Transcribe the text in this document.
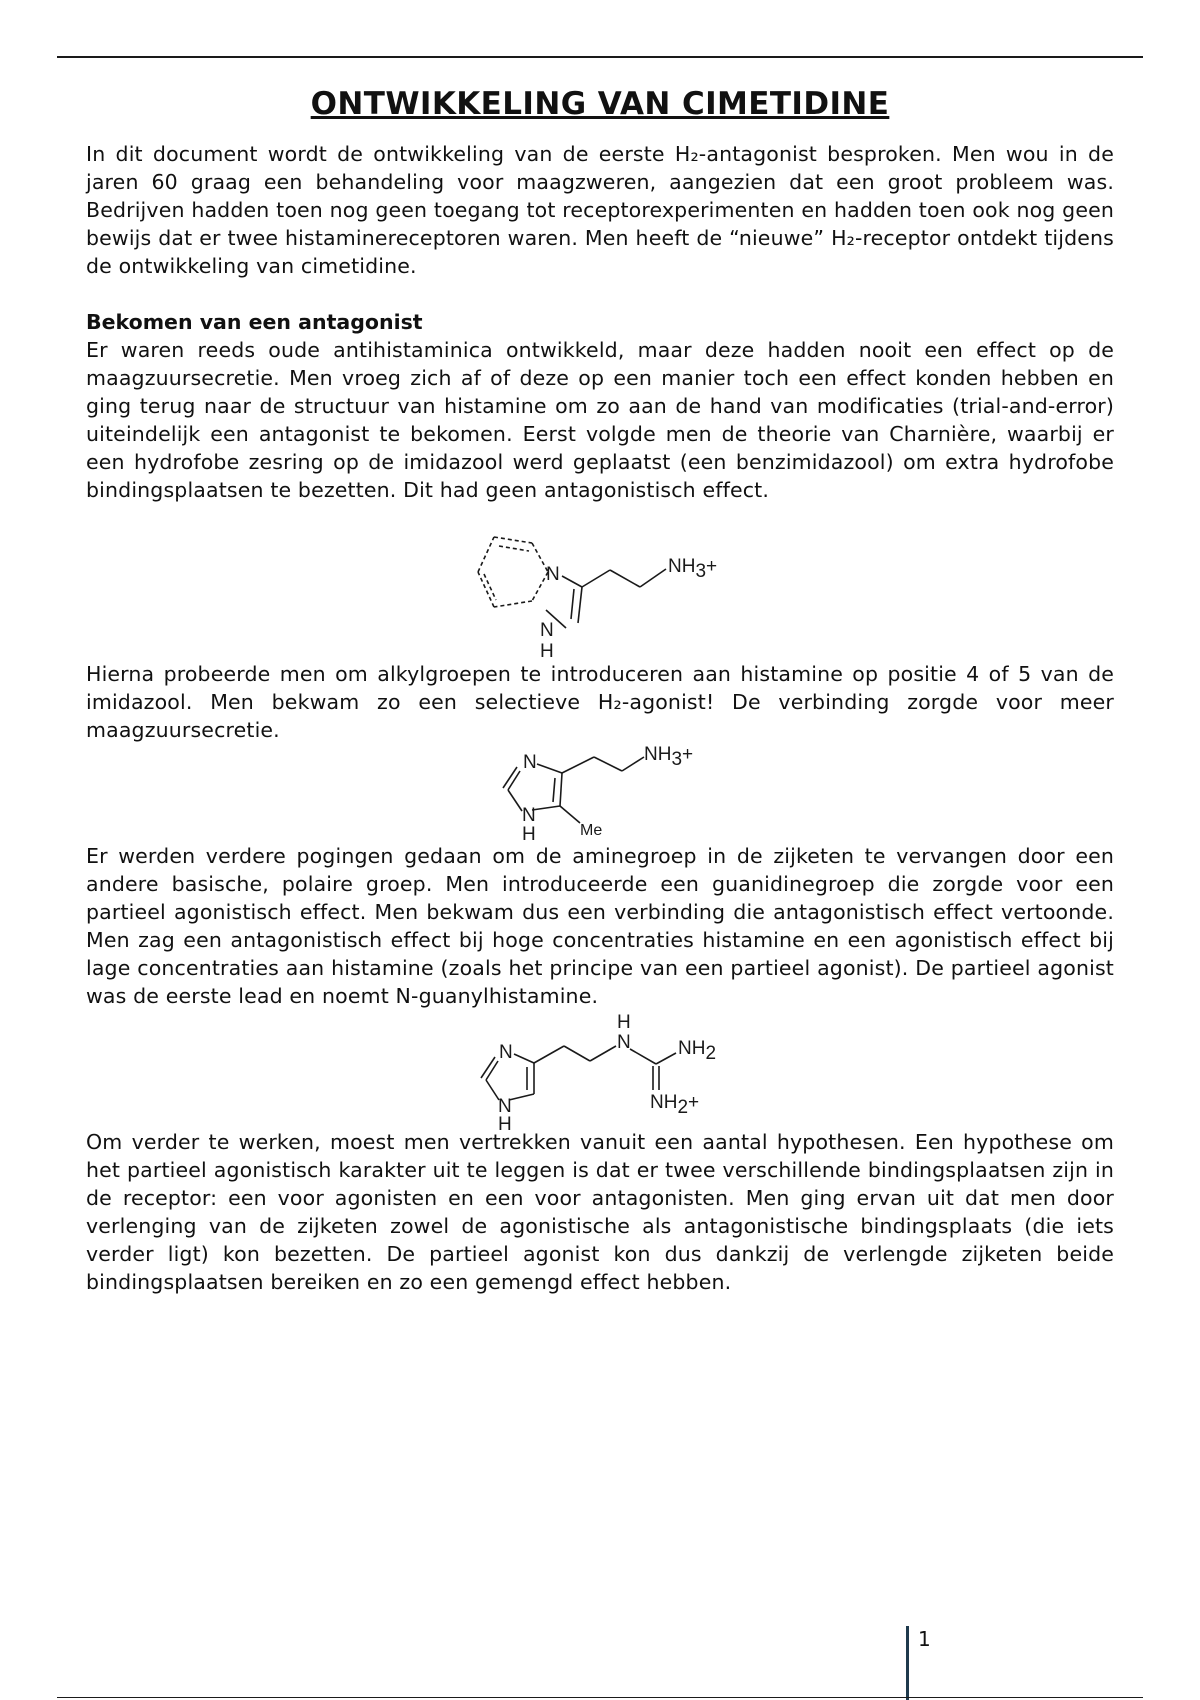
ONTWIKKELING VAN CIMETIDINE

In dit document wordt de ontwikkeling van de eerste H₂-antagonist besproken. Men wou in de jaren 60 graag een behandeling voor maagzweren, aangezien dat een groot probleem was. Bedrijven hadden toen nog geen toegang tot receptorexperimenten en hadden toen ook nog geen bewijs dat er twee histaminereceptoren waren. Men heeft de “nieuwe” H₂-receptor ontdekt tijdens de ontwikkeling van cimetidine.

Bekomen van een antagonist

Er waren reeds oude antihistaminica ontwikkeld, maar deze hadden nooit een effect op de maagzuursecretie. Men vroeg zich af of deze op een manier toch een effect konden hebben en ging terug naar de structuur van histamine om zo aan de hand van modificaties (trial-and-error) uiteindelijk een antagonist te bekomen. Eerst volgde men de theorie van Charnière, waarbij er een hydrofobe zesring op de imidazool werd geplaatst (een benzimidazool) om extra hydrofobe bindingsplaatsen te bezetten. Dit had geen antagonistisch effect.

N
N
H
NH3+

Hierna probeerde men om alkylgroepen te introduceren aan histamine op positie 4 of 5 van de imidazool. Men bekwam zo een selectieve H₂-agonist! De verbinding zorgde voor meer maagzuursecretie.

N
N
H	Me
NH3+

Er werden verdere pogingen gedaan om de aminegroep in de zijketen te vervangen door een andere basische, polaire groep. Men introduceerde een guanidinegroep die zorgde voor een partieel agonistisch effect. Men bekwam dus een verbinding die antagonistisch effect vertoonde. Men zag een antagonistisch effect bij hoge concentraties histamine en een agonistisch effect bij lage concentraties aan histamine (zoals het principe van een partieel agonist). De partieel agonist was de eerste lead en noemt N-guanylhistamine.

N
N
H
H
N NH2
NH2+

Om verder te werken, moest men vertrekken vanuit een aantal hypothesen. Een hypothese om het partieel agonistisch karakter uit te leggen is dat er twee verschillende bindingsplaatsen zijn in de receptor: een voor agonisten en een voor antagonisten. Men ging ervan uit dat men door verlenging van de zijketen zowel de agonistische als antagonistische bindingsplaats (die iets verder ligt) kon bezetten. De partieel agonist kon dus dankzij de verlengde zijketen beide bindingsplaatsen bereiken en zo een gemengd effect hebben.

1
